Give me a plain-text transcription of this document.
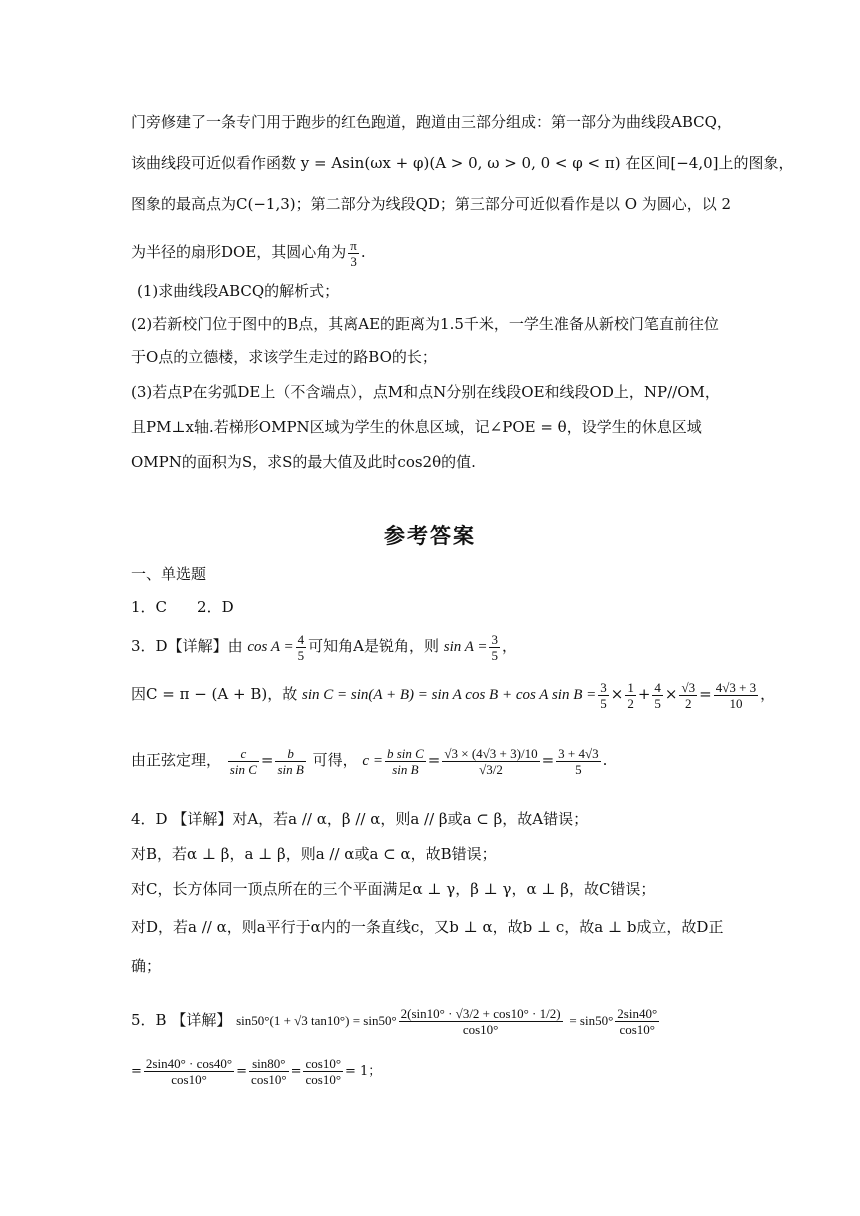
门旁修建了一条专门用于跑步的红色跑道，跑道由三部分组成：第一部分为曲线段ABCQ，
该曲线段可近似看作函数 y = Asin(ωx + φ)(A > 0, ω > 0, 0 < φ < π) 在区间[−4,0]上的图象，
图象的最高点为C(−1,3)；第二部分为线段QD；第三部分可近似看作是以 O 为圆心，以 2
为半径的扇形DOE，其圆心角为 $\frac{\pi}{3}$ .
(1)求曲线段ABCQ的解析式；
(2)若新校门位于图中的B点，其离AE的距离为1.5千米，一学生准备从新校门笔直前往位
于O点的立德楼，求该学生走过的路BO的长；
(3)若点P在劣弧DE上（不含端点），点M和点N分别在线段OE和线段OD上，NP//OM，
且PM⊥x轴.若梯形OMPN区域为学生的休息区域，记∠POE = θ，设学生的休息区域
OMPN的面积为S，求S的最大值及此时cos2θ的值.
参考答案
一、单选题
1．C　　2．D
3．D【详解】由 $\cos A = \frac{4}{5}$ 可知角A是锐角，则 $\sin A = \frac{3}{5}$ ，
因C = π − (A + B)，故 sin C = sin(A + B) = sin A cos B + cos A $\sin B = \frac{3}{5} \times \frac{1}{2} + \frac{4}{5} \times \frac{√3}{2} = \frac{4√3 + 3}{10}$ ，
由正弦定理， $\frac{c}{\text{sin C}} = \frac{b}{\text{sin B}}$ 可得， $c = \frac{\text{b sin C}}{\text{sin B}} = \frac{√3 \times (4√3 + 3)/10}{√3/2} = \frac{3 + 4√3}{5}$ .
4．D 【详解】对A，若a // α，β // α，则a // β或a ⊂ β，故A错误；
对B，若α ⊥ β，a ⊥ β，则a // α或a ⊂ α，故B错误；
对C，长方体同一顶点所在的三个平面满足α ⊥ γ，β ⊥ γ，α ⊥ β，故C错误；
对D，若a // α，则a平行于α内的一条直线c，又b ⊥ α，故b ⊥ c，故a ⊥ b成立，故D正
确；
5．B 【详解】 sin50°(1 + √3 $\tan 10^\circ) = \sin 50^\circ \frac{2(\sin 10^\circ \cdot √3/2 + \cos 10^\circ \cdot 1/2)}{\cos 10^\circ} = \sin 50^\circ \frac{2\sin 40^\circ}{\cos 10^\circ}$
= $\frac{2\sin 40^\circ \cdot \cos 40^\circ}{\cos 10^\circ} = \frac{\sin 80^\circ}{\cos 10^\circ} = \frac{\cos 10^\circ}{\cos 10^\circ} = 1$；
